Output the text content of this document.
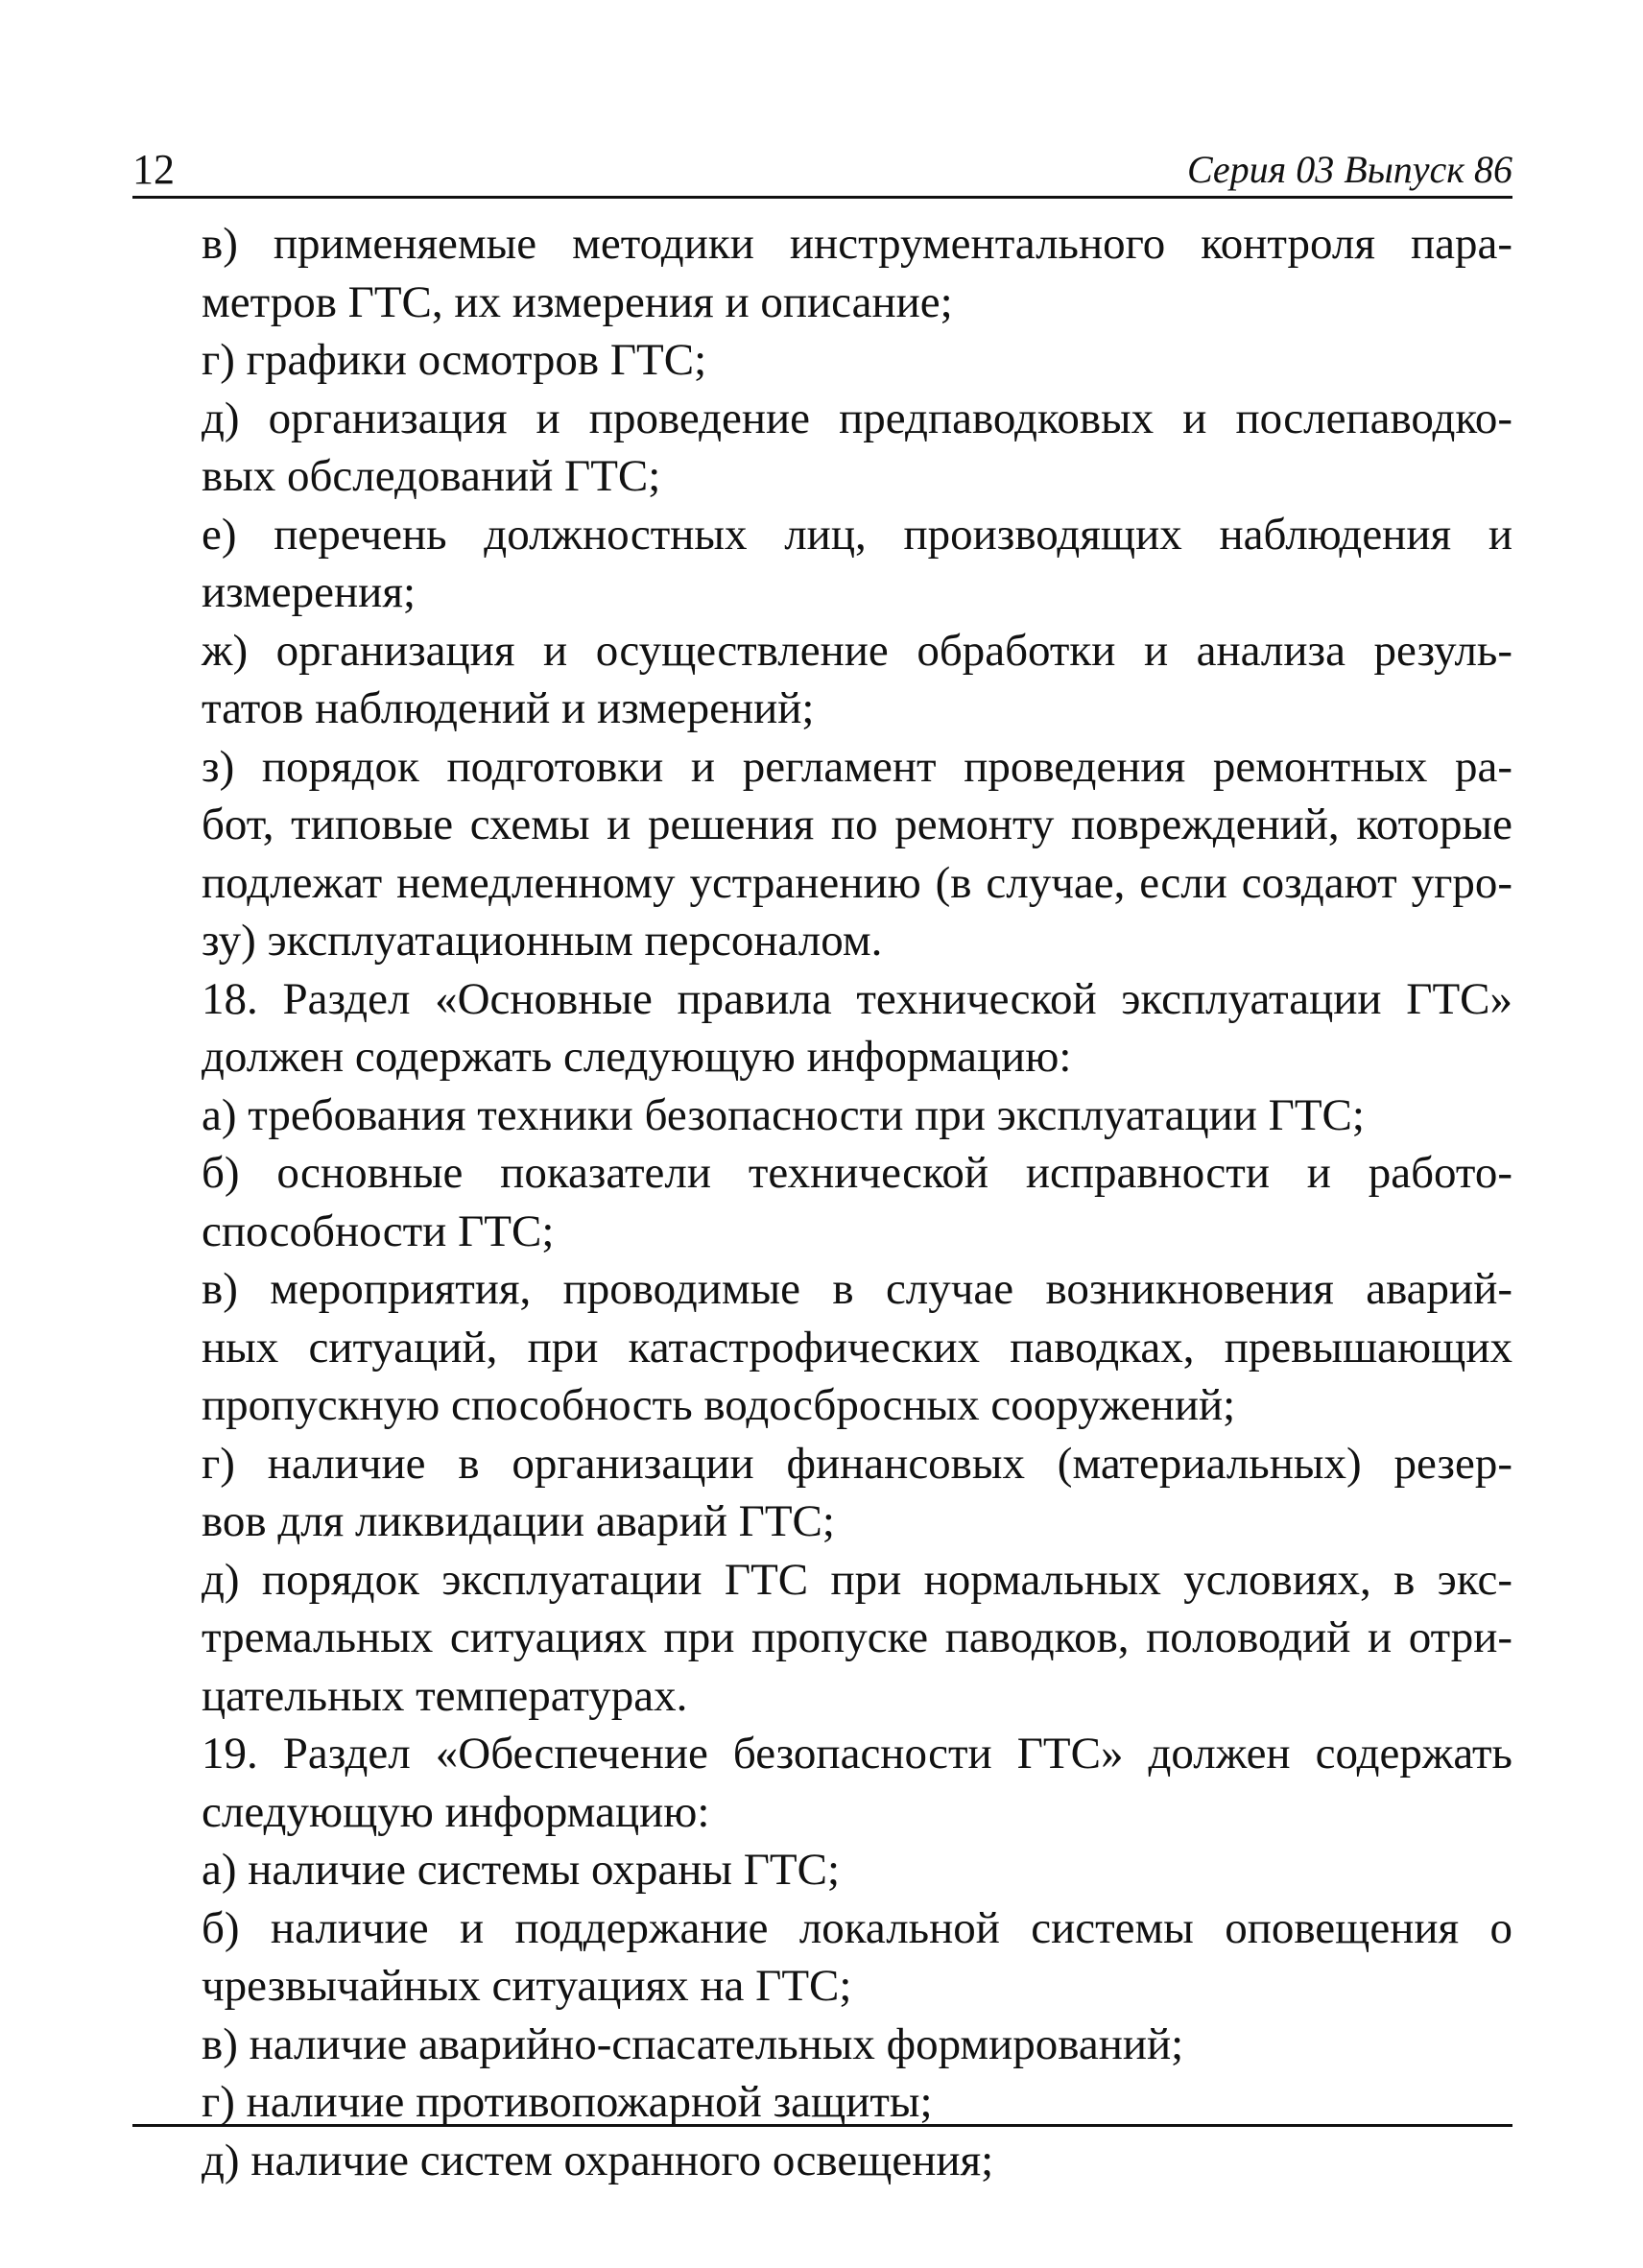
12	Серия 03 Выпуск 86
в) применяемые методики инструментального контроля пара-
метров ГТС, их измерения и описание;
г) графики осмотров ГТС;
д) организация и проведение предпаводковых и послепаводко-
вых обследований ГТС;
е) перечень должностных лиц, производящих наблюдения и
измерения;
ж) организация и осуществление обработки и анализа резуль-
татов наблюдений и измерений;
з) порядок подготовки и регламент проведения ремонтных ра-
бот, типовые схемы и решения по ремонту повреждений, которые
подлежат немедленному устранению (в случае, если создают угро-
зу) эксплуатационным персоналом.
18. Раздел «Основные правила технической эксплуатации ГТС»
должен содержать следующую информацию:
а) требования техники безопасности при эксплуатации ГТС;
б) основные показатели технической исправности и работо-
способности ГТС;
в) мероприятия, проводимые в случае возникновения аварий-
ных ситуаций, при катастрофических паводках, превышающих
пропускную способность водосбросных сооружений;
г) наличие в организации финансовых (материальных) резер-
вов для ликвидации аварий ГТС;
д) порядок эксплуатации ГТС при нормальных условиях, в экс-
тремальных ситуациях при пропуске паводков, половодий и отри-
цательных температурах.
19. Раздел «Обеспечение безопасности ГТС» должен содержать
следующую информацию:
а) наличие системы охраны ГТС;
б) наличие и поддержание локальной системы оповещения о
чрезвычайных ситуациях на ГТС;
в) наличие аварийно-спасательных формирований;
г) наличие противопожарной защиты;
д) наличие систем охранного освещения;
